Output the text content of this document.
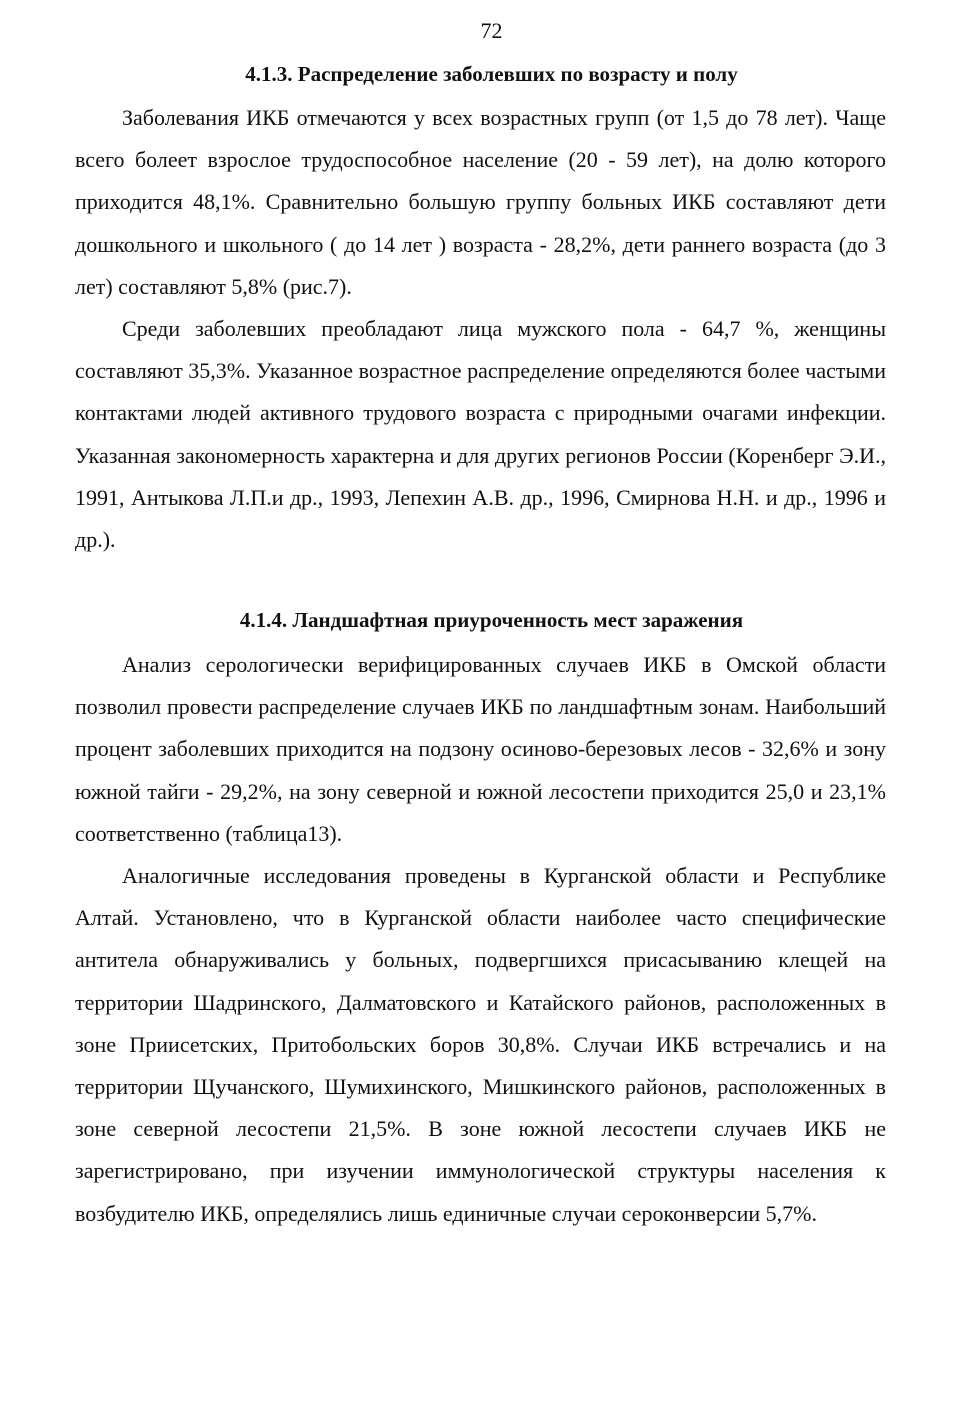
72
4.1.3. Распределение заболевших по возрасту и полу

Заболевания ИКБ отмечаются у всех возрастных групп (от 1,5 до 78 лет). Чаще всего болеет взрослое трудоспособное население (20 - 59 лет), на долю которого приходится 48,1%. Сравнительно большую группу больных ИКБ составляют дети дошкольного и школьного ( до 14 лет ) возраста - 28,2%, дети раннего возраста (до 3 лет) составляют 5,8% (рис.7).

Среди заболевших преобладают лица мужского пола - 64,7 %, женщины составляют 35,3%. Указанное возрастное распределение определяются более частыми контактами людей активного трудового возраста с природными очагами инфекции. Указанная закономерность характерна и для других регионов России (Коренберг Э.И., 1991, Антыкова Л.П.и др., 1993, Лепехин А.В. др., 1996, Смирнова Н.Н. и др., 1996 и др.).

4.1.4. Ландшафтная приуроченность мест заражения

Анализ серологически верифицированных случаев ИКБ в Омской области позволил провести распределение случаев ИКБ по ландшафтным зонам. Наибольший процент заболевших приходится на подзону осиново-березовых лесов - 32,6% и зону южной тайги - 29,2%, на зону северной и южной лесостепи приходится 25,0 и 23,1% соответственно (таблица13).

Аналогичные исследования проведены в Курганской области и Республике Алтай. Установлено, что в Курганской области наиболее часто специфические антитела обнаруживались у больных, подвергшихся присасыванию клещей на территории Шадринского, Далматовского и Катайского районов, расположенных в зоне Приисетских, Притобольских боров 30,8%. Случаи ИКБ встречались и на территории Щучанского, Шумихинского, Мишкинского районов, расположенных в зоне северной лесостепи 21,5%. В зоне южной лесостепи случаев ИКБ не зарегистрировано, при изучении иммунологической структуры населения к возбудителю ИКБ, определялись лишь единичные случаи сероконверсии 5,7%.
